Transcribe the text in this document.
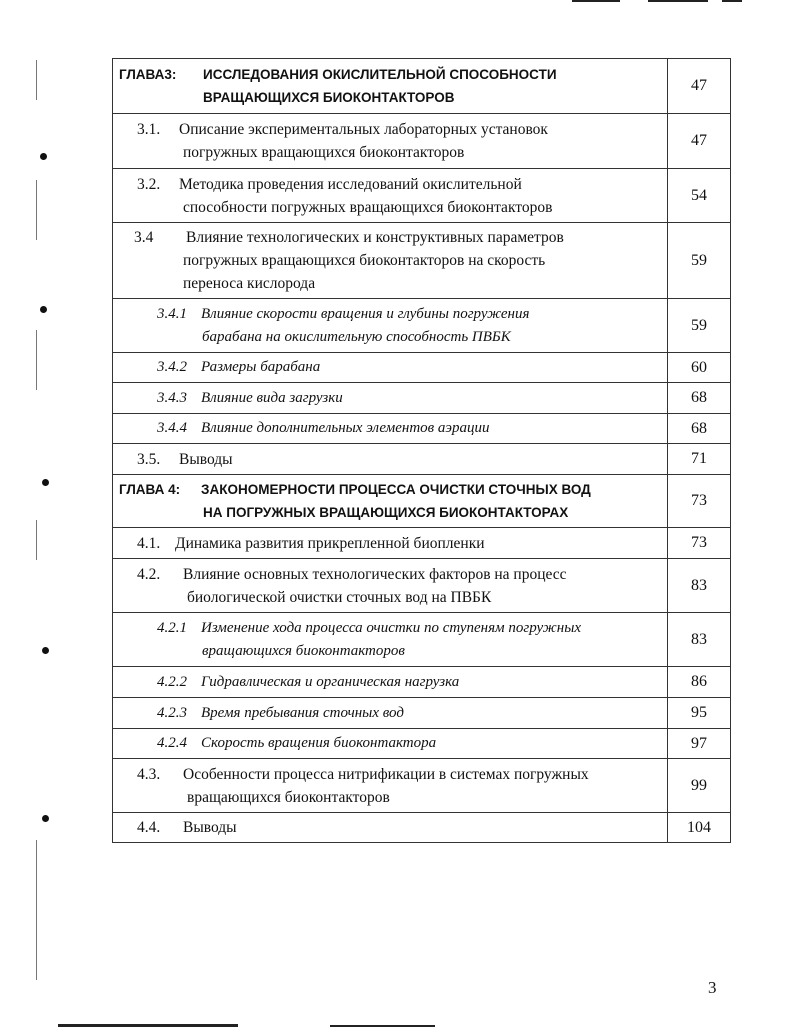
ГЛАВА3: ИССЛЕДОВАНИЯ ОКИСЛИТЕЛЬНОЙ СПОСОБНОСТИ
ВРАЩАЮЩИХСЯ БИОКОНТАКТОРОВ	47

3.1. Описание экспериментальных лабораторных установок
погружных вращающихся биоконтакторов	47

3.2. Методика проведения исследований окислительной
способности погружных вращающихся биоконтакторов	54

3.4 Влияние технологических и конструктивных параметров
погружных вращающихся биоконтакторов на скорость
переноса кислорода	59

3.4.1 Влияние скорости вращения и глубины погружения
барабана на окислительную способность ПВБК	59

3.4.2 Размеры барабана	60

3.4.3 Влияние вида загрузки	68

3.4.4 Влияние дополнительных элементов аэрации	68

3.5. Выводы	71

ГЛАВА 4: ЗАКОНОМЕРНОСТИ ПРОЦЕССА ОЧИСТКИ СТОЧНЫХ ВОД
НА ПОГРУЖНЫХ ВРАЩАЮЩИХСЯ БИОКОНТАКТОРАХ	73

4.1. Динамика развития прикрепленной биопленки	73

4.2. Влияние основных технологических факторов на процесс
биологической очистки сточных вод на ПВБК	83

4.2.1 Изменение хода процесса очистки по ступеням погружных
вращающихся биоконтакторов	83

4.2.2 Гидравлическая и органическая нагрузка	86

4.2.3 Время пребывания сточных вод	95

4.2.4 Скорость вращения биоконтактора	97

4.3. Особенности процесса нитрификации в системах погружных
вращающихся биоконтакторов	99

4.4. Выводы	104
3
